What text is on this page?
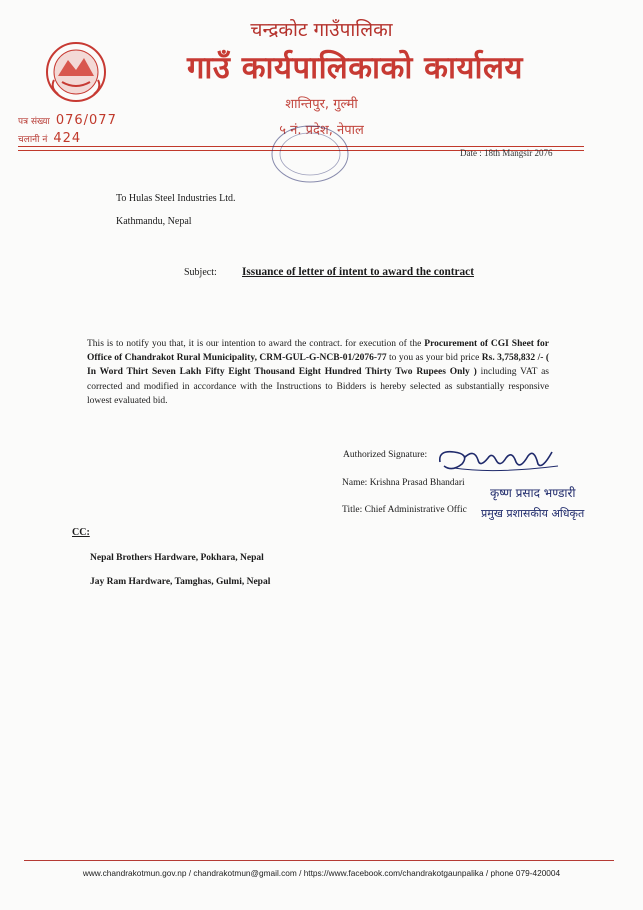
चन्द्रकोट गाउँपालिका
गाउँ कार्यपालिकाको कार्यालय
शान्तिपुर, गुल्मी
५ नं. प्रदेश, नेपाल
पत्र संख्या 076/077
चलानी नं 424
Date : 18th Mangsir 2076
To Hulas Steel Industries Ltd.
Kathmandu, Nepal
Subject: Issuance of letter of intent to award the contract
This is to notify you that, it is our intention to award the contract. for execution of the Procurement of CGI Sheet for Office of Chandrakot Rural Municipality, CRM-GUL-G-NCB-01/2076-77 to you as your bid price Rs. 3,758,832 /- ( In Word Thirt Seven Lakh Fifty Eight Thousand Eight Hundred Thirty Two Rupees Only ) including VAT as corrected and modified in accordance with the Instructions to Bidders is hereby selected as substantially responsive lowest evaluated bid.
Authorized Signature:
Name: Krishna Prasad Bhandari
कृष्ण प्रसाद भण्डारी
Title: Chief Administrative Offic प्रमुख प्रशासकीय अधिकृत
CC:
Nepal Brothers Hardware, Pokhara, Nepal
Jay Ram Hardware, Tamghas, Gulmi, Nepal
www.chandrakotmun.gov.np / chandrakotmun@gmail.com / https://www.facebook.com/chandrakotgaunpalika / phone 079-420004
